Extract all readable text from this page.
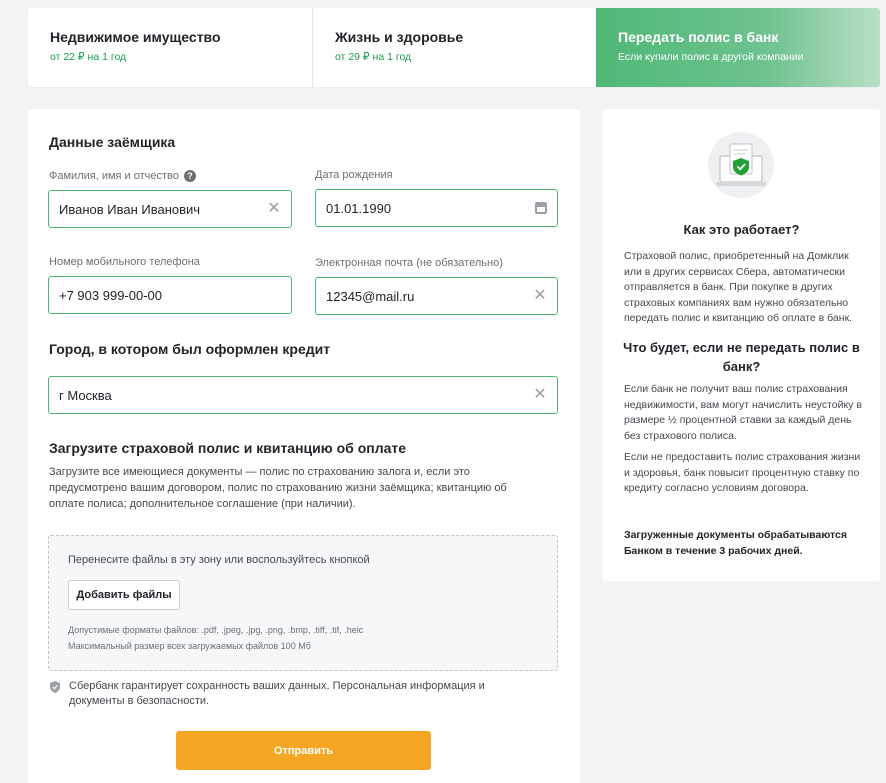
Недвижимое имущество
от 22 ₽ на 1 год
Жизнь и здоровье
от 29 ₽ на 1 год
Передать полис в банк
Если купили полис в другой компании
Данные заёмщика
Фамилия, имя и отчество ?
Иванов Иван Иванович	✕
Дата рождения
01.01.1990
Номер мобильного телефона
+7 903 999-00-00
Электронная почта (не обязательно)
12345@mail.ru	✕
Город, в котором был оформлен кредит
г Москва	✕
Загрузите страховой полис и квитанцию об оплате
Загрузите все имеющиеся документы — полис по страхованию залога и, если это предусмотрено вашим договором, полис по страхованию жизни заёмщика; квитанцию об оплате полиса; дополнительное соглашение (при наличии).
Перенесите файлы в эту зону или воспользуйтесь кнопкой
Добавить файлы
Допустимые форматы файлов: .pdf, .jpeg, .jpg, .png, .bmp, .tiff, .tif, .heic
Максимальный размер всех загружаемых файлов 100 Мб
Сбербанк гарантирует сохранность ваших данных. Персональная информация и документы в безопасности.
Отправить
Как это работает?
Страховой полис, приобретенный на Домклик или в других сервисах Сбера, автоматически отправляется в банк. При покупке в других страховых компаниях вам нужно обязательно передать полис и квитанцию об оплате в банк.
Что будет, если не передать полис в банк?
Если банк не получит ваш полис страхования недвижимости, вам могут начислить неустойку в размере ½ процентной ставки за каждый день без страхового полиса.
Если не предоставить полис страхования жизни и здоровья, банк повысит процентную ставку по кредиту согласно условиям договора.
Загруженные документы обрабатываются Банком в течение 3 рабочих дней.
